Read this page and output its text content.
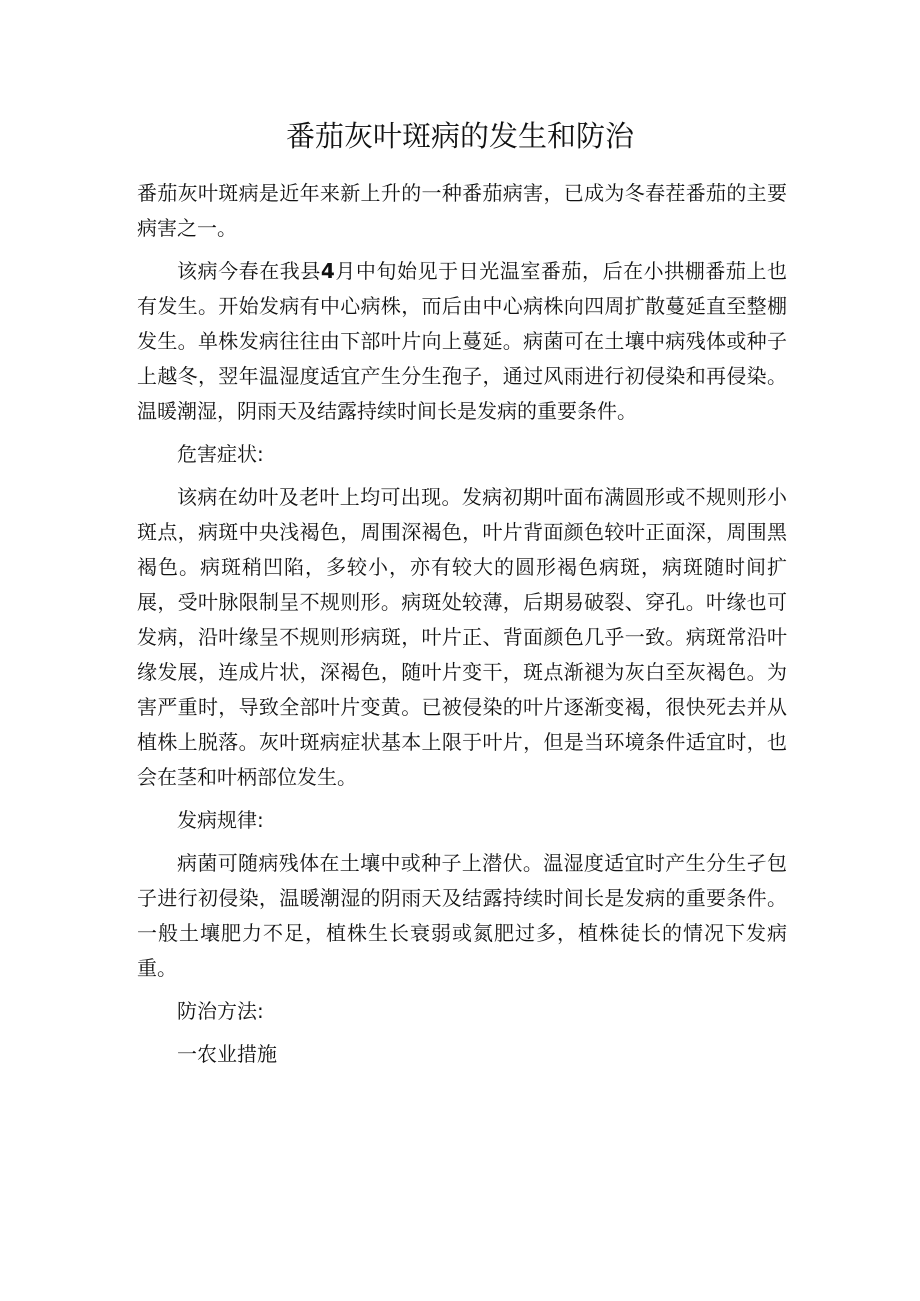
番茄灰叶斑病的发生和防治

番茄灰叶斑病是近年来新上升的一种番茄病害，已成为冬春茬番茄的主要病害之一。

该病今春在我县4月中旬始见于日光温室番茄，后在小拱棚番茄上也有发生。开始发病有中心病株，而后由中心病株向四周扩散蔓延直至整棚发生。单株发病往往由下部叶片向上蔓延。病菌可在土壤中病残体或种子上越冬，翌年温湿度适宜产生分生孢子，通过风雨进行初侵染和再侵染。温暖潮湿，阴雨天及结露持续时间长是发病的重要条件。

危害症状:

该病在幼叶及老叶上均可出现。发病初期叶面布满圆形或不规则形小斑点，病斑中央浅褐色，周围深褐色，叶片背面颜色较叶正面深，周围黑褐色。病斑稍凹陷，多较小，亦有较大的圆形褐色病斑，病斑随时间扩展，受叶脉限制呈不规则形。病斑处较薄，后期易破裂、穿孔。叶缘也可发病，沿叶缘呈不规则形病斑，叶片正、背面颜色几乎一致。病斑常沿叶缘发展，连成片状，深褐色，随叶片变干，斑点渐褪为灰白至灰褐色。为害严重时，导致全部叶片变黄。已被侵染的叶片逐渐变褐，很快死去并从植株上脱落。灰叶斑病症状基本上限于叶片，但是当环境条件适宜时，也会在茎和叶柄部位发生。

发病规律:

病菌可随病残体在土壤中或种子上潜伏。温湿度适宜时产生分生孑包子进行初侵染，温暖潮湿的阴雨天及结露持续时间长是发病的重要条件。一般土壤肥力不足，植株生长衰弱或氮肥过多，植株徒长的情况下发病重。

防治方法:

一农业措施
